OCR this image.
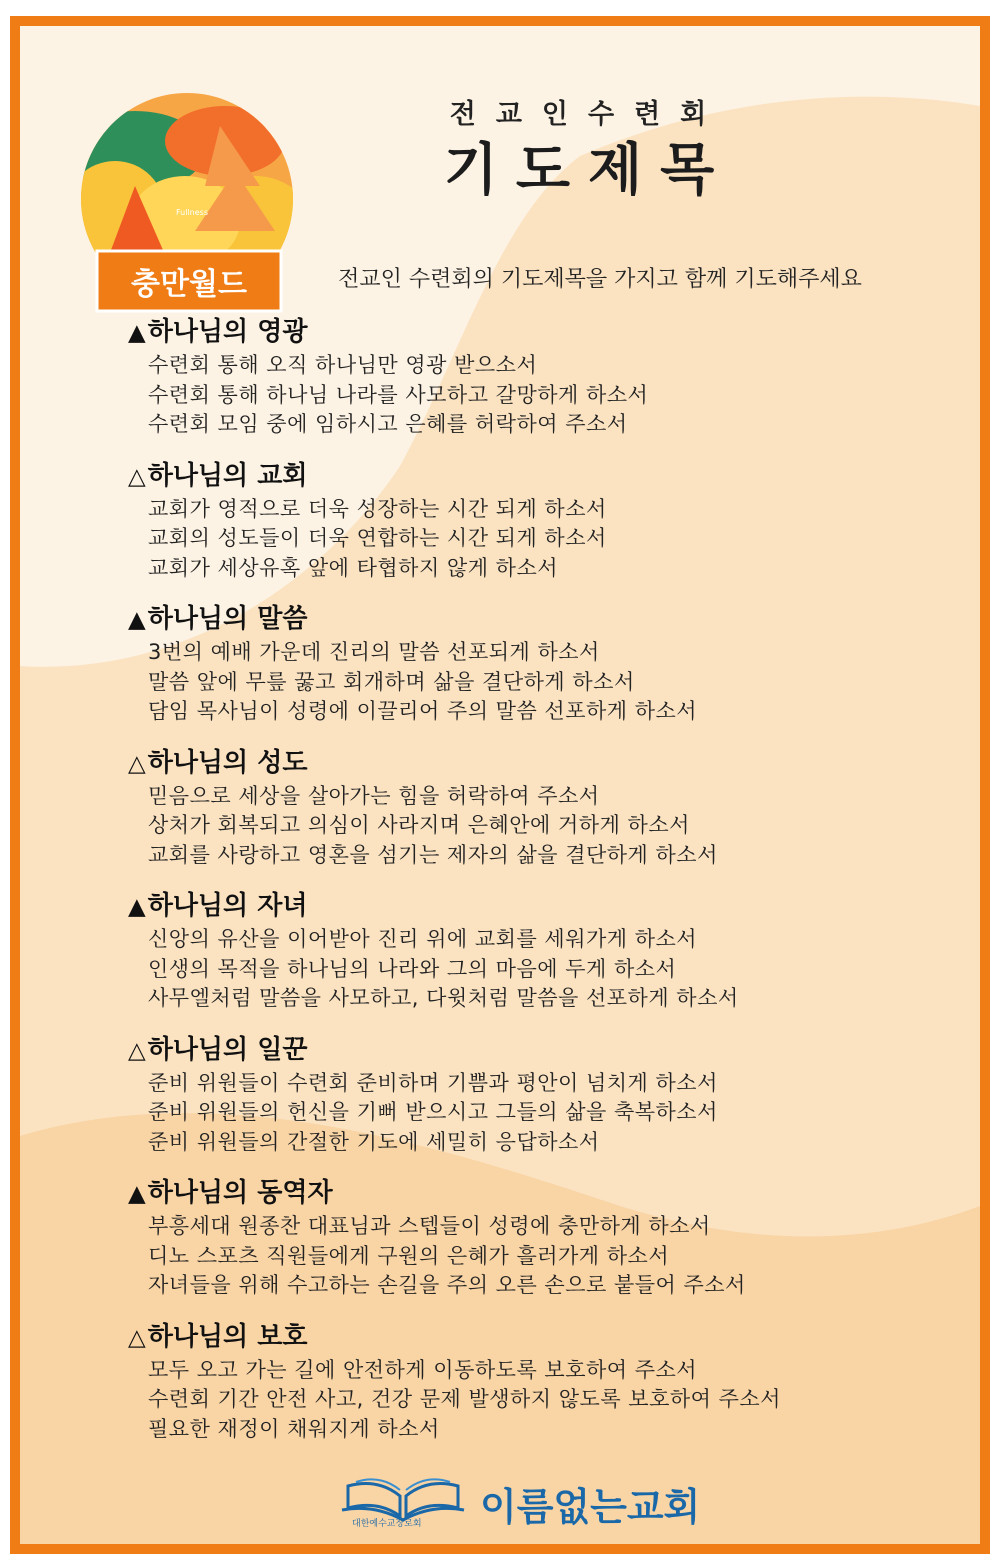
Fullness
충만월드
전교인수련회
기도제목
전교인 수련회의 기도제목을 가지고 함께 기도해주세요
▲하나님의 영광
수련회 통해 오직 하나님만 영광 받으소서
수련회 통해 하나님 나라를 사모하고 갈망하게 하소서
수련회 모임 중에 임하시고 은혜를 허락하여 주소서
△하나님의 교회
교회가 영적으로 더욱 성장하는 시간 되게 하소서
교회의 성도들이 더욱 연합하는 시간 되게 하소서
교회가 세상유혹 앞에 타협하지 않게 하소서
▲하나님의 말씀
3번의 예배 가운데 진리의 말씀 선포되게 하소서
말씀 앞에 무릎 꿇고 회개하며 삶을 결단하게 하소서
담임 목사님이 성령에 이끌리어 주의 말씀 선포하게 하소서
△하나님의 성도
믿음으로 세상을 살아가는 힘을 허락하여 주소서
상처가 회복되고 의심이 사라지며 은혜안에 거하게 하소서
교회를 사랑하고 영혼을 섬기는 제자의 삶을 결단하게 하소서
▲하나님의 자녀
신앙의 유산을 이어받아 진리 위에 교회를 세워가게 하소서
인생의 목적을 하나님의 나라와 그의 마음에 두게 하소서
사무엘처럼 말씀을 사모하고, 다윗처럼 말씀을 선포하게 하소서
△하나님의 일꾼
준비 위원들이 수련회 준비하며 기쁨과 평안이 넘치게 하소서
준비 위원들의 헌신을 기뻐 받으시고 그들의 삶을 축복하소서
준비 위원들의 간절한 기도에 세밀히 응답하소서
▲하나님의 동역자
부흥세대 원종찬 대표님과 스텝들이 성령에 충만하게 하소서
디노 스포츠 직원들에게 구원의 은혜가 흘러가게 하소서
자녀들을 위해 수고하는 손길을 주의 오른 손으로 붙들어 주소서
△하나님의 보호
모두 오고 가는 길에 안전하게 이동하도록 보호하여 주소서
수련회 기간 안전 사고, 건강 문제 발생하지 않도록 보호하여 주소서
필요한 재정이 채워지게 하소서
이름없는교회
대한예수교장로회
